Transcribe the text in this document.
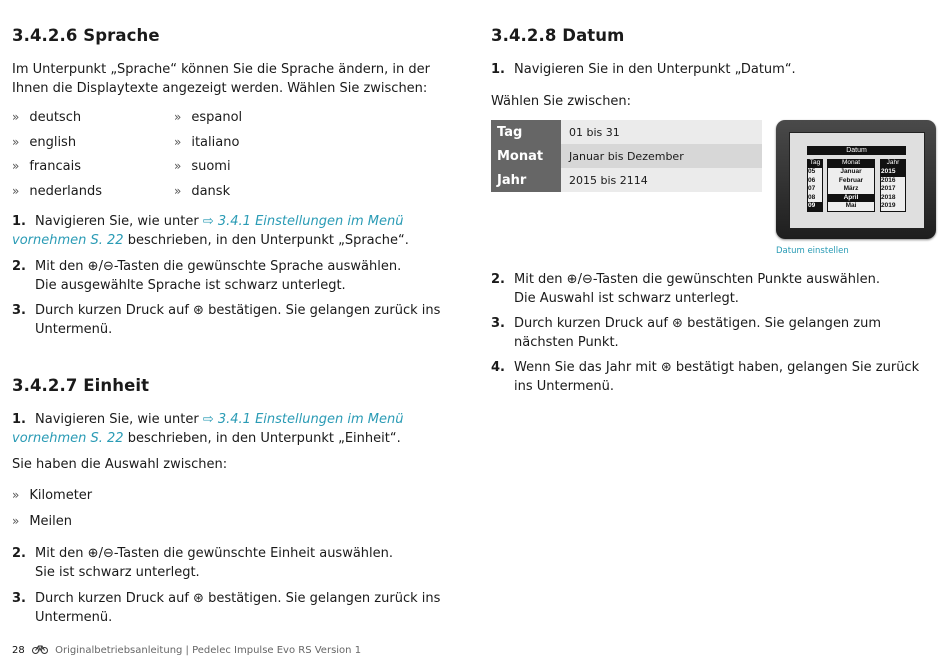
3.4.2.6 Sprache
Im Unterpunkt „Sprache“ können Sie die Sprache ändern, in der Ihnen die Displaytexte angezeigt werden. Wählen Sie zwischen:
» deutsch
» english
» francais
» nederlands
» espanol
» italiano
» suomi
» dansk
1. Navigieren Sie, wie unter ⇨ 3.4.1 Einstellungen im Menü vornehmen S. 22 beschrieben, in den Unterpunkt „Sprache“.
2. Mit den ⊕/⊖-Tasten die gewünschte Sprache auswählen.
Die ausgewählte Sprache ist schwarz unterlegt.
3. Durch kurzen Druck auf ⊛ bestätigen. Sie gelangen zurück ins Untermenü.
3.4.2.7 Einheit
1. Navigieren Sie, wie unter ⇨ 3.4.1 Einstellungen im Menü vornehmen S. 22 beschrieben, in den Unterpunkt „Einheit“.
Sie haben die Auswahl zwischen:
» Kilometer
» Meilen
2. Mit den ⊕/⊖-Tasten die gewünschte Einheit auswählen.
Sie ist schwarz unterlegt.
3. Durch kurzen Druck auf ⊛ bestätigen. Sie gelangen zurück ins Untermenü.
3.4.2.8 Datum
1. Navigieren Sie in den Unterpunkt „Datum“.
Wählen Sie zwischen:
Tag	01 bis 31
Monat	Januar bis Dezember
Jahr	2015 bis 2114
Datum
Tag
05
06
07
08
09
Monat
Januar
Februar
März
April
Mai
Jahr
2015
2016
2017
2018
2019
Datum einstellen
2. Mit den ⊕/⊖-Tasten die gewünschten Punkte auswählen.
Die Auswahl ist schwarz unterlegt.
3. Durch kurzen Druck auf ⊛ bestätigen. Sie gelangen zum nächsten Punkt.
4. Wenn Sie das Jahr mit ⊛ bestätigt haben, gelangen Sie zurück ins Untermenü.
28	Originalbetriebsanleitung | Pedelec Impulse Evo RS Version 1
